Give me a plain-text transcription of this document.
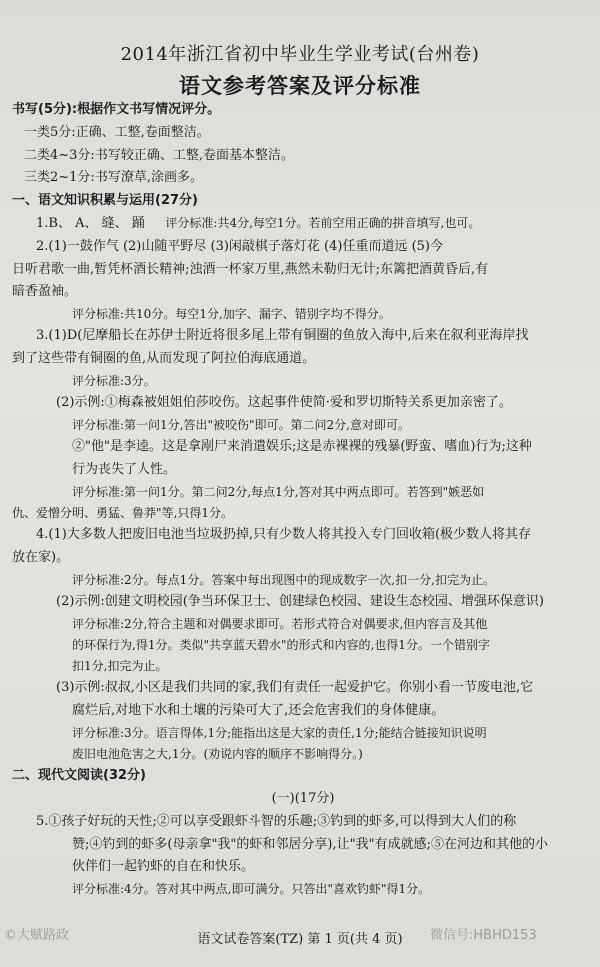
2014年浙江省初中毕业生学业考试(台州卷)
语文参考答案及评分标准

书写(5分):根据作文书写情况评分。

一类5分:正确、工整,卷面整洁。

二类4~3分:书写较正确、工整,卷面基本整洁。

三类2~1分:书写潦草,涂画多。

一、语文知识积累与运用(27分)

1.B、 A、 缝、 踊 评分标准:共4分,每空1分。若前空用正确的拼音填写,也可。

2.(1)一鼓作气 (2)山随平野尽 (3)闲敲棋子落灯花 (4)任重而道远 (5)今

日听君歌一曲,暂凭杯酒长精神;浊酒一杯家万里,燕然未勒归无计;东篱把酒黄昏后,有

暗香盈袖。

评分标准:共10分。每空1分,加字、漏字、错别字均不得分。

3.(1)D(尼摩船长在苏伊士附近将很多尾上带有铜圈的鱼放入海中,后来在叙利亚海岸找

到了这些带有铜圈的鱼,从而发现了阿拉伯海底通道。

评分标准:3分。

(2)示例:①梅森被姐姐伯莎咬伤。这起事件使简·爱和罗切斯特关系更加亲密了。

评分标准:第一问1分,答出"被咬伤"即可。第二问2分,意对即可。

②"他"是李逵。这是拿剐尸来消遣娱乐;这是赤裸裸的残暴(野蛮、嗜血)行为;这种

行为丧失了人性。

评分标准:第一问1分。第二问2分,每点1分,答对其中两点即可。若答到"嫉恶如

仇、爱憎分明、勇猛、鲁莽"等,只得1分。

4.(1)大多数人把废旧电池当垃圾扔掉,只有少数人将其投入专门回收箱(极少数人将其存

放在家)。

评分标准:2分。每点1分。答案中每出现图中的现成数字一次,扣一分,扣完为止。

(2)示例:创建文明校园(争当环保卫士、创建绿色校园、建设生态校园、增强环保意识)

评分标准:2分,符合主题和对偶要求即可。若形式符合对偶要求,但内容言及其他

的环保行为,得1分。类似"共享蓝天碧水"的形式和内容的,也得1分。一个错别字

扣1分,扣完为止。

(3)示例:叔叔,小区是我们共同的家,我们有责任一起爱护它。你别小看一节废电池,它

腐烂后,对地下水和土壤的污染可大了,还会危害我们的身体健康。

评分标准:3分。语言得体,1分;能指出这是大家的责任,1分;能结合链接知识说明

废旧电池危害之大,1分。(劝说内容的顺序不影响得分。)

二、现代文阅读(32分)

(一)(17分)

5.①孩子好玩的天性;②可以享受跟虾斗智的乐趣;③钓到的虾多,可以得到大人们的称

赞;④钓到的虾多(母亲拿"我"的虾和邻居分享),让"我"有成就感;⑤在河边和其他的小

伙伴们一起钓虾的自在和快乐。

评分标准:4分。答对其中两点,即可满分。只答出"喜欢钓虾"得1分。

语文试卷答案(TZ) 第 1 页(共 4 页)
©大赋路政	微信号:HBHD153
